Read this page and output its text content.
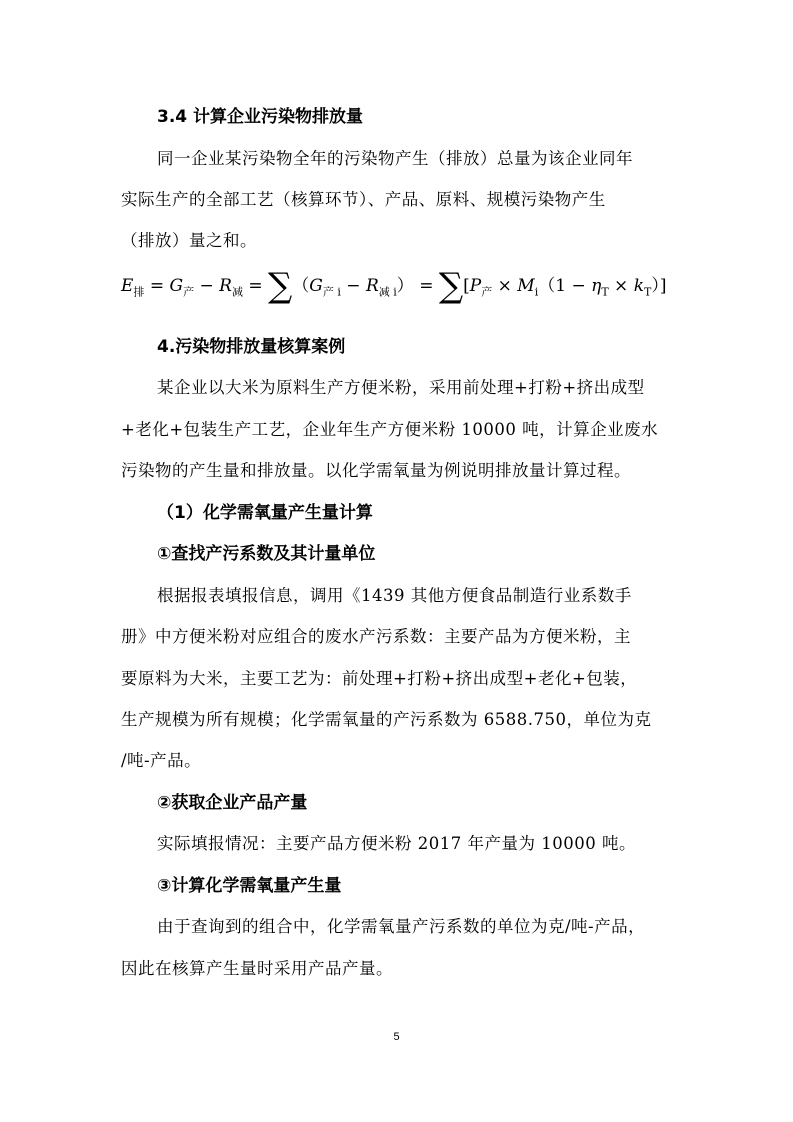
3.4 计算企业污染物排放量

同一企业某污染物全年的污染物产生（排放）总量为该企业同年

实际生产的全部工艺（核算环节）、产品、原料、规模污染物产生

（排放）量之和。

$E_排 = G_产 - R_减 = \sum(G_{产 i} - R_{减 i}) = \sum[P_产 \times M_i(1 - \eta_T \times k_T)]$
4.污染物排放量核算案例

某企业以大米为原料生产方便米粉，采用前处理+打粉+挤出成型

+老化+包装生产工艺，企业年生产方便米粉 10000 吨，计算企业废水

污染物的产生量和排放量。以化学需氧量为例说明排放量计算过程。

（1）化学需氧量产生量计算
①查找产污系数及其计量单位

根据报表填报信息，调用《1439 其他方便食品制造行业系数手

册》中方便米粉对应组合的废水产污系数：主要产品为方便米粉，主

要原料为大米，主要工艺为：前处理+打粉+挤出成型+老化+包装，

生产规模为所有规模；化学需氧量的产污系数为 6588.750，单位为克

/吨-产品。

②获取企业产品产量

实际填报情况：主要产品方便米粉 2017 年产量为 10000 吨。

③计算化学需氧量产生量

由于查询到的组合中，化学需氧量产污系数的单位为克/吨-产品，

因此在核算产生量时采用产品产量。

5
